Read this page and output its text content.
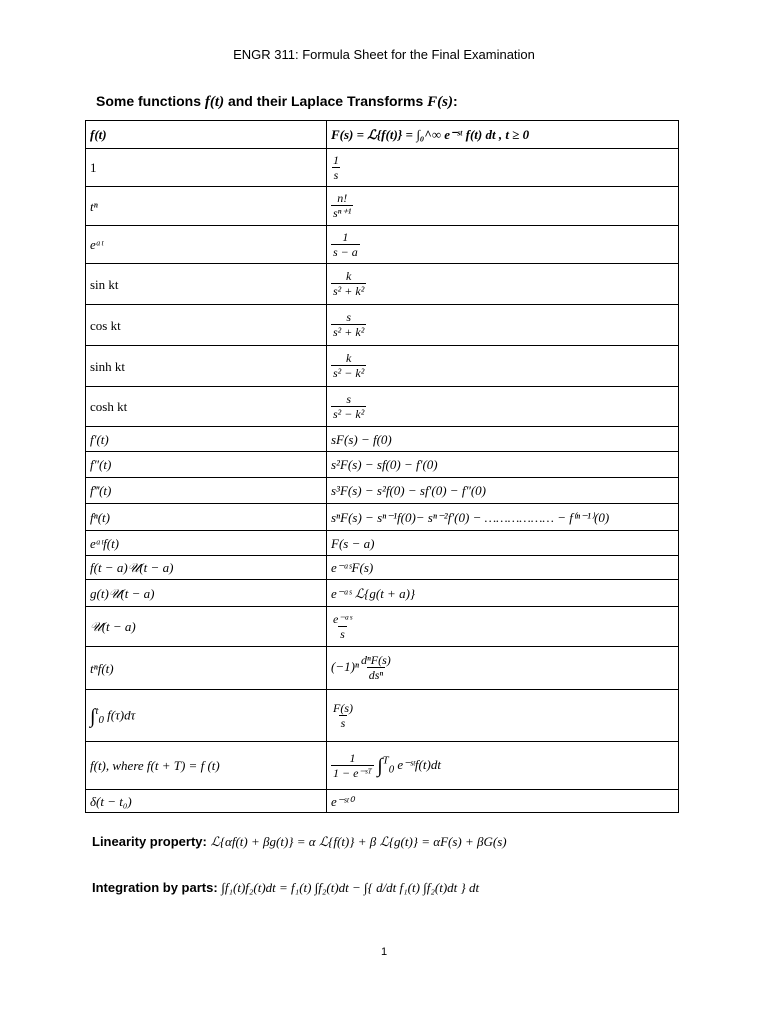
ENGR 311: Formula Sheet for the Final Examination
Some functions f(t) and their Laplace Transforms F(s):
f(t)	F(s) = ℒ{f(t)} = ∫₀^∞ e⁻ˢᵗ f(t) dt , t ≥ 0
1	$\frac{1}{s}$

tⁿ	$\frac{n!}{\text{sⁿ⁺¹}}$

eᵃᵗ	$\frac{1}{s - a}$

sin kt	$\frac{k}{\text{s² + k²}}$

cos kt	$\frac{s}{\text{s² + k²}}$

sinh kt	$\frac{k}{\text{s² − k²}}$

cosh kt	$\frac{s}{\text{s² − k²}}$

f′(t)	sF(s) − f(0)
f″(t)	s²F(s) − sf(0) − f′(0)
f‴(t)	s³F(s) − s²f(0) − sf′(0) − f″(0)
fⁿ(t)	sⁿF(s) − sⁿ⁻¹f(0)− sⁿ⁻²f′(0) − ……………… − f⁽ⁿ⁻¹⁾(0)
eᵃᵗf(t)	F(s − a)
f(t − a)𝒰(t − a)	e⁻ᵃˢF(s)
g(t)𝒰(t − a)	e⁻ᵃˢ ℒ{g(t + a)}
𝒰(t − a)	$\frac{\text{e⁻ᵃˢ}}{s}$

tⁿf(t)	$(-1)^n \frac{\text{dⁿF(s)}}{\text{dsⁿ}}$

∫$^t_0$ f(τ)dτ	$\frac{F(s)}{s}$

f(t), where f(t + T) = f (t)	$\frac{1}{\text{1 − e⁻ˢᵀ}} \int^T_0$ e⁻ˢᵗf(t)dt
δ(t − t₀)	e⁻ˢᵗ⁰
Linearity property: ℒ{αf(t) + βg(t)} = α ℒ{f(t)} + β ℒ{g(t)} = αF(s) + βG(s)
Integration by parts: ∫f₁(t)f₂(t)dt = f₁(t) ∫f₂(t)dt − ∫{ d/dt f₁(t) ∫f₂(t)dt } dt
1
